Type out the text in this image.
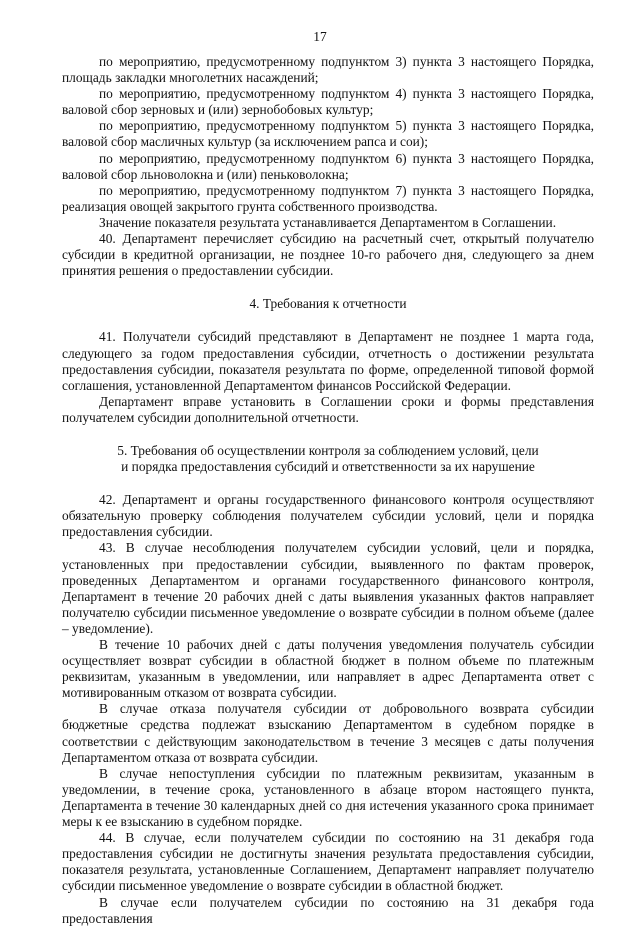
17

по мероприятию, предусмотренному подпунктом 3) пункта 3 настоящего Порядка, площадь закладки многолетних насаждений;

по мероприятию, предусмотренному подпунктом 4) пункта 3 настоящего Порядка, валовой сбор зерновых и (или) зернобобовых культур;

по мероприятию, предусмотренному подпунктом 5) пункта 3 настоящего Порядка, валовой сбор масличных культур (за исключением рапса и сои);

по мероприятию, предусмотренному подпунктом 6) пункта 3 настоящего Порядка, валовой сбор льноволокна и (или) пеньковолокна;

по мероприятию, предусмотренному подпунктом 7) пункта 3 настоящего Порядка, реализация овощей закрытого грунта собственного производства.

Значение показателя результата устанавливается Департаментом в Соглашении.

40. Департамент перечисляет субсидию на расчетный счет, открытый получателю субсидии в кредитной организации, не позднее 10-го рабочего дня, следующего за днем принятия решения о предоставлении субсидии.

4. Требования к отчетности

41. Получатели субсидий представляют в Департамент не позднее 1 марта года, следующего за годом предоставления субсидии, отчетность о достижении результата предоставления субсидии, показателя результата по форме, определенной типовой формой соглашения, установленной Департаментом финансов Российской Федерации.

Департамент вправе установить в Соглашении сроки и формы представления получателем субсидии дополнительной отчетности.

5. Требования об осуществлении контроля за соблюдением условий, цели

и порядка предоставления субсидий и ответственности за их нарушение

42. Департамент и органы государственного финансового контроля осуществляют обязательную проверку соблюдения получателем субсидии условий, цели и порядка предоставления субсидии.

43. В случае несоблюдения получателем субсидии условий, цели и порядка, установленных при предоставлении субсидии, выявленного по фактам проверок, проведенных Департаментом и органами государственного финансового контроля, Департамент в течение 20 рабочих дней с даты выявления указанных фактов направляет получателю субсидии письменное уведомление о возврате субсидии в полном объеме (далее – уведомление).

В течение 10 рабочих дней с даты получения уведомления получатель субсидии осуществляет возврат субсидии в областной бюджет в полном объеме по платежным реквизитам, указанным в уведомлении, или направляет в адрес Департамента ответ с мотивированным отказом от возврата субсидии.

В случае отказа получателя субсидии от добровольного возврата субсидии бюджетные средства подлежат взысканию Департаментом в судебном порядке в соответствии с действующим законодательством в течение 3 месяцев с даты получения Департаментом отказа от возврата субсидии.

В случае непоступления субсидии по платежным реквизитам, указанным в уведомлении, в течение срока, установленного в абзаце втором настоящего пункта, Департамента в течение 30 календарных дней со дня истечения указанного срока принимает меры к ее взысканию в судебном порядке.

44. В случае, если получателем субсидии по состоянию на 31 декабря года предоставления субсидии не достигнуты значения результата предоставления субсидии, показателя результата, установленные Соглашением, Департамент направляет получателю субсидии письменное уведомление о возврате субсидии в областной бюджет.

В случае если получателем субсидии по состоянию на 31 декабря года предоставления
